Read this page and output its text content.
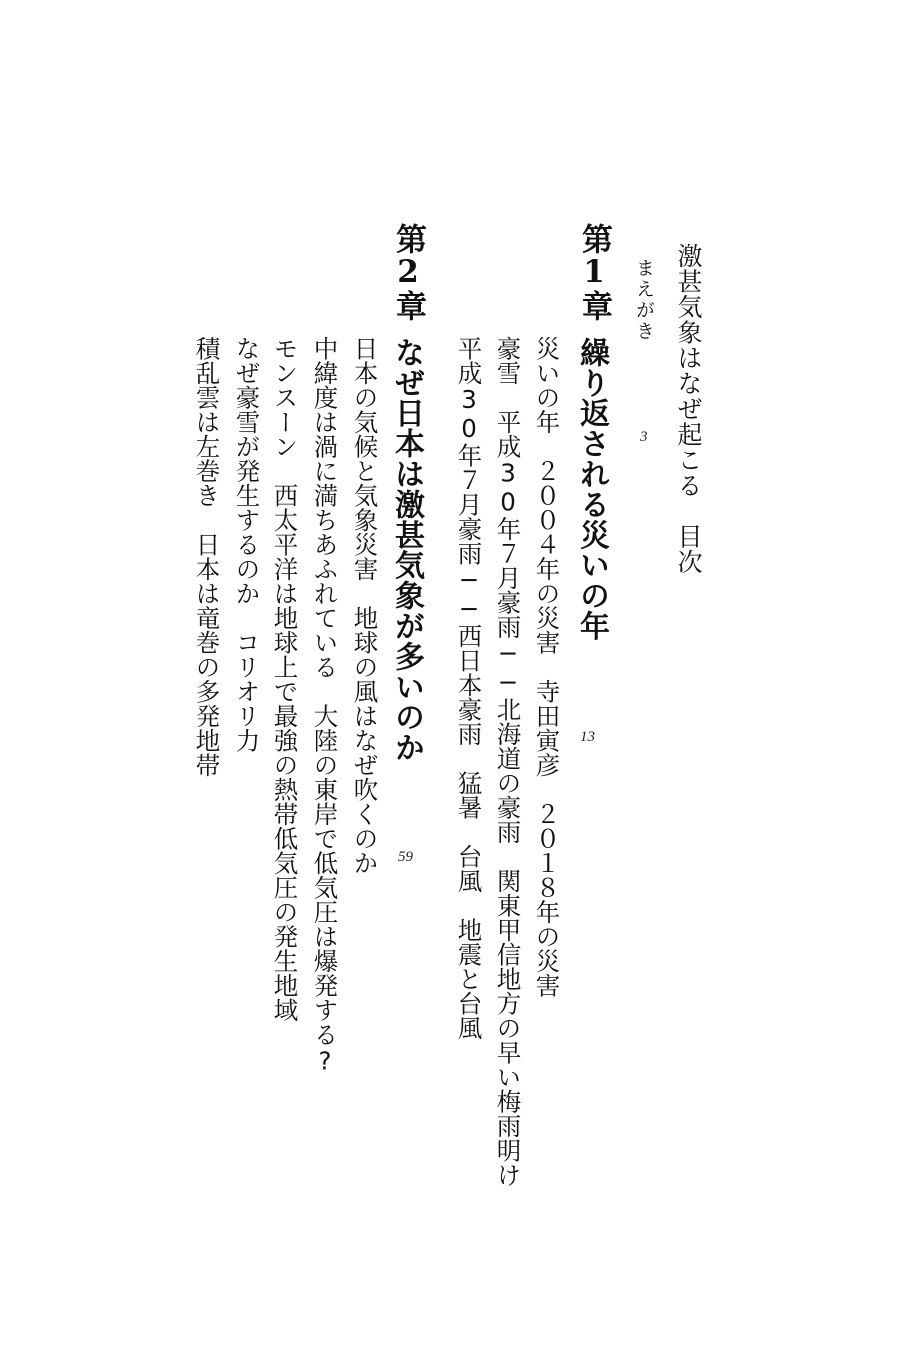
激甚気象はなぜ起こる　目次
まえがき
3
第1章
繰り返される災いの年
13
災いの年　２００４年の災害　寺田寅彦　２０１８年の災害
豪雪　平成30年７月豪雨──北海道の豪雨　関東甲信地方の早い梅雨明け
平成30年７月豪雨──西日本豪雨　猛暑　台風　地震と台風
第2章
なぜ日本は激甚気象が多いのか
59
日本の気候と気象災害　地球の風はなぜ吹くのか
中緯度は渦に満ちあふれている　大陸の東岸で低気圧は爆発する?
モンスーン　西太平洋は地球上で最強の熱帯低気圧の発生地域
なぜ豪雪が発生するのか　コリオリ力
積乱雲は左巻き　日本は竜巻の多発地帯
